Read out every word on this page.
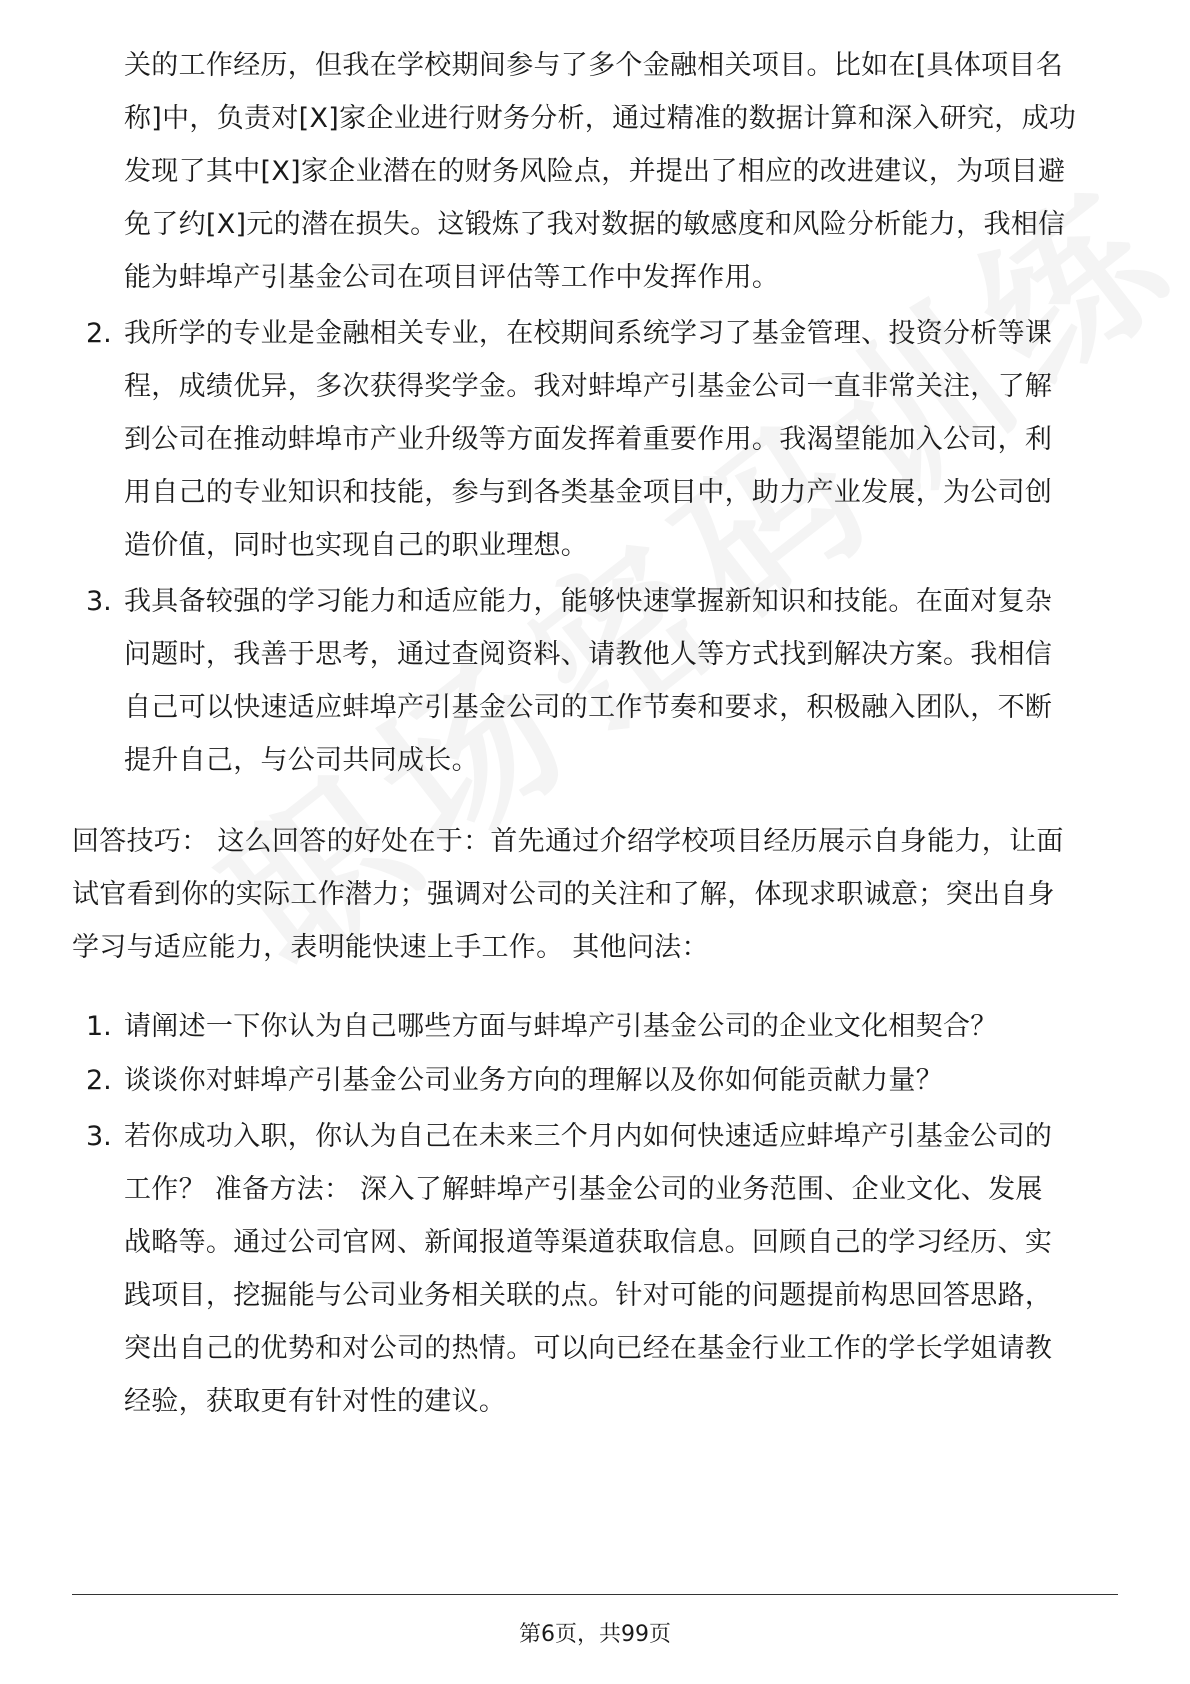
关的工作经历，但我在学校期间参与了多个金融相关项目。比如在[具体项目名
称]中，负责对[X]家企业进行财务分析，通过精准的数据计算和深入研究，成功
发现了其中[X]家企业潜在的财务风险点，并提出了相应的改进建议，为项目避
免了约[X]元的潜在损失。这锻炼了我对数据的敏感度和风险分析能力，我相信
能为蚌埠产引基金公司在项目评估等工作中发挥作用。
2. 我所学的专业是金融相关专业，在校期间系统学习了基金管理、投资分析等课
程，成绩优异，多次获得奖学金。我对蚌埠产引基金公司一直非常关注，了解
到公司在推动蚌埠市产业升级等方面发挥着重要作用。我渴望能加入公司，利
用自己的专业知识和技能，参与到各类基金项目中，助力产业发展，为公司创
造价值，同时也实现自己的职业理想。
3. 我具备较强的学习能力和适应能力，能够快速掌握新知识和技能。在面对复杂
问题时，我善于思考，通过查阅资料、请教他人等方式找到解决方案。我相信
自己可以快速适应蚌埠产引基金公司的工作节奏和要求，积极融入团队，不断
提升自己，与公司共同成长。
回答技巧： 这么回答的好处在于：首先通过介绍学校项目经历展示自身能力，让面
试官看到你的实际工作潜力；强调对公司的关注和了解，体现求职诚意；突出自身
学习与适应能力，表明能快速上手工作。 其他问法：
1. 请阐述一下你认为自己哪些方面与蚌埠产引基金公司的企业文化相契合？
2. 谈谈你对蚌埠产引基金公司业务方向的理解以及你如何能贡献力量？
3. 若你成功入职，你认为自己在未来三个月内如何快速适应蚌埠产引基金公司的
工作？ 准备方法： 深入了解蚌埠产引基金公司的业务范围、企业文化、发展
战略等。通过公司官网、新闻报道等渠道获取信息。回顾自己的学习经历、实
践项目，挖掘能与公司业务相关联的点。针对可能的问题提前构思回答思路，
突出自己的优势和对公司的热情。可以向已经在基金行业工作的学长学姐请教
经验，获取更有针对性的建议。
第6页，共99页
